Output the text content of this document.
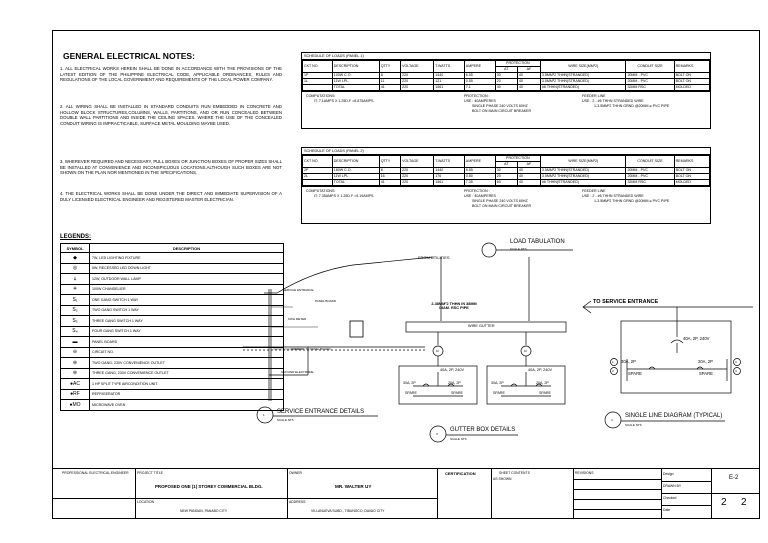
GENERAL ELECTRICAL NOTES:
1. ALL ELECTRICAL WORKS HEREIN SHALL BE DONE IN ACCORDANCE WITH THE PROVISIONS OF THE LATEST EDITION OF THE PHILIPPINE ELECTRICAL CODE, APPLICABLE ORDINANCES, RULES AND REGULATIONS OF THE LOCAL GOVERNMENT AND REQUIREMENTS OF THE LOCAL POWER COMPANY.
2. ALL WIRING SHALL BE INSTALLED IN STANDARD CONDUITS RUN EMBEDDED IN CONCRETE AND HOLLOW BLOCK STRUCTURES,COLUMNS, WALLS, PARTITIONS, AND OR RUN CONCEALED BETWEEN DOUBLE WALL PARTITIONS AND INSIDE THE CEILING SPACES. WHERE THE USE OF THE CONCEALED CONDUIT WIRING IS IMPRACTICABLE, SURFACE METAL MOULDING MAYBE USED.
3. WHEREVER REQUIRED AND NECESSARY, PULL BOXES OR JUNCTION BOXES OF PROPER SIZES SHALL BE INSTALLED AT CONVENIENCE AND INCONSPICUOUS LOCATIONS,ALTHOUGH SUCH BOXES ARE NOT SHOWN ON THE PLAN NOR MENTIONED IN THE SPECIFICATIONS.
4. THE ELECTRICAL WORKS SHALL BE DONE UNDER THE DIRECT AND IMMEDIATE SUPERVISION OF A DULY LICENSED ELECTRICAL ENGINEER AND REGISTERED MASTER ELECTRICIAN.
LEGENDS:
SYMBOL	DESCRIPTION
◆	7W, LED LIGHTING FIXTURE
◎	5W, RECESSED LED DOWN LIGHT
⍋	12W, OUTDOOR WALL LAMP
✳	100W CHANDELIER
S₁	ONE GANG SWITCH 1 WAY
S₂	TWO GANG SWITCH 1 WAY
S₃	THREE GANG SWITCH 1 WAY
S₄	FOUR GANG SWITCH 1 WAY
▬	PANEL BOARD
⊖	CIRCUIT NO.
⊜	TWO GANG, 230V CONVENIENCE OUTLET
⊜	THREE GANG, 230V CONVENIENCE OUTLET
●AC	1 HP SPLIT TYPE AIRCONDITION UNIT
●RF	REFRIGERATOR
●MO	MICROWAVE OVEN
SCHEDULE OF LOADS (PANEL 1)
CKT NO.	DESCRIPTION	QTTY	VOLTAGE	T.WATTS	AMPERE	PROTECTION		WIRE SIZE(MM²2)	CONDUIT SIZE	REMARKS
						AT	AF			
1P	100W C.O.	8	220	1440	6.55	30	40	3.5MM²2 THHN(STRANDED)	20MM - PVC	BOLT ON
1L	11W LPL	11	220	121	0.55	20	40	3.5MM²2 THHN(STRANDED)	20MM - PVC	BOLT ON
	TOTAL	41	220	1561	7.1	40	40	#6 THHN(STRANDED)	32MM RSC	MOLDED
COMPUTATIONS:
IT: 7.1AMPS X 1.25D.F =8.875AMPS.
PROTECTION :
USE : 40AMPERES
SINGLE PHASE 240 VOLTS 60HZ
BOLT ON MAIN CIRCUIT BREAKER
FEEDER LINE
USE : 2 - #6 THHN STRANDED WIRE
1-3.5MM²2 THHN GRND @20MM ⌀ PVC PIPE
SCHEDULE OF LOADS (PANEL 2)
CKT NO.	DESCRIPTION	QTTY	VOLTAGE	T.WATTS	AMPERE	PROTECTION		WIRE SIZE(MM²2)	CONDUIT SIZE	REMARKS
						AT	AF			
2P	180W C.O.	8	220	1440	6.55	30	40	3.5MM²2 THHN(STRANDED)	20MM - PVC	BOLT ON
2L	11W LPL	16	220	176	0.80	20	40	3.5MM²2 THHN(STRANDED)	20MM - PVC	BOLT ON
	TOTAL	41	220	1561	7.35	60	40	#6 THHN(STRANDED)	32MM RSC	MOLDED
COMPUTATIONS:
IT: 7.35AMPS X 1.25D.F =9.19AMPS.
PROTECTION :
USE : 40AMPERES
SINGLE PHASE 240 VOLTS 60HZ
BOLT ON MAIN CIRCUIT BREAKER
FEEDER LINE
USE : 2 - #6 THHN STRANDED WIRE
1-3.5MM²2 THHN GRND @20MM ⌀ PVC PIPE
LOAD TABULATION
SCALE NTS
FROM UTILITIES
SERVICE ENTRANCE
PANEL BOARD
KWH METER
CONDUIT TO PANELBOARD
GROUND ELECTRODE
2-38MM²2 THHN IN 38MM DIAM. RSC PIPE
WIRE GUTTER
M	M
40A, 2P, 240V	40A, 2P, 240V
30A, 2P	20A, 2P	30A, 2P	20A, 2P
SPARE	SPARE	SPARE	SPARE
TO SERVICE ENTRANCE
40A, 2P, 240V
30A, 2P	20A, 2P
SPARE	SPARE
1
2
3
4
1 SERVICE ENTRANCE DETAILS
SCALE NTS
3
GUTTER BOX DETAILS
SCALE NTS
4
SINGLE LINE DIAGRAM (TYPICAL)
SCALE NTS
PROFESSIONAL ELECTRICAL ENGINEER PROJECT TITLE
PROPOSED ONE (1) STOREY COMMERCIAL BLDG.
LOCATION
NEW PANDAN, PANABO CITY
OWNER
MR. WALTER UY
ADDRESS
VILLANUEVA SUBD., TIBUNGCO, DAVAO CITY
CERTIFICATION	SHEET CONTENTS
AS SHOWN
REVISIONS	Design
DRAWN BY
Checked
Date
E-2
2 2
